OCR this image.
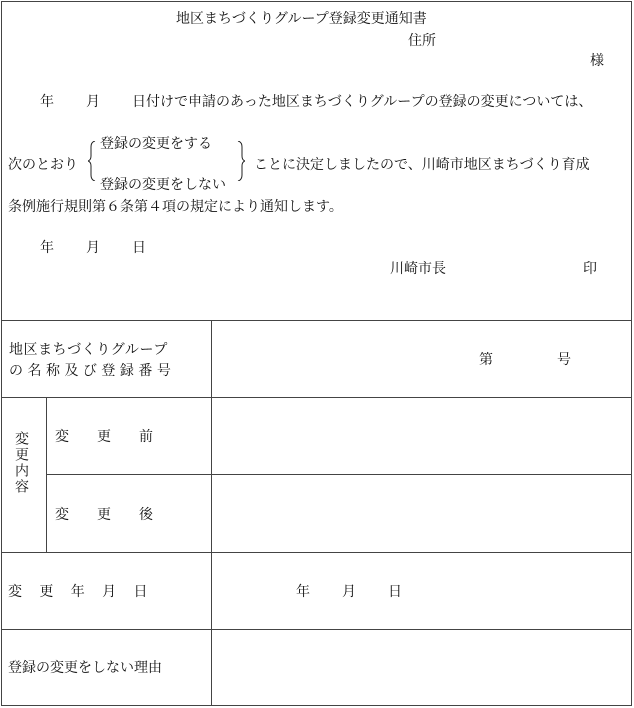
地区まちづくりグループ登録変更通知書
住所
様
年 月 日付けで申請のあった地区まちづくりグループの登録の変更については、
次のとおり
登録の変更をする
登録の変更をしない
ことに決定しましたので、川崎市地区まちづくり育成
条例施行規則第６条第４項の規定により通知します。
年 月 日
川崎市長	印
地区まちづくりグループ
の名称及び登録番号
第	号
変更内容 変　　更　　前
変　　更　　後
変　更　年　月　日	年 月 日
登録の変更をしない理由
